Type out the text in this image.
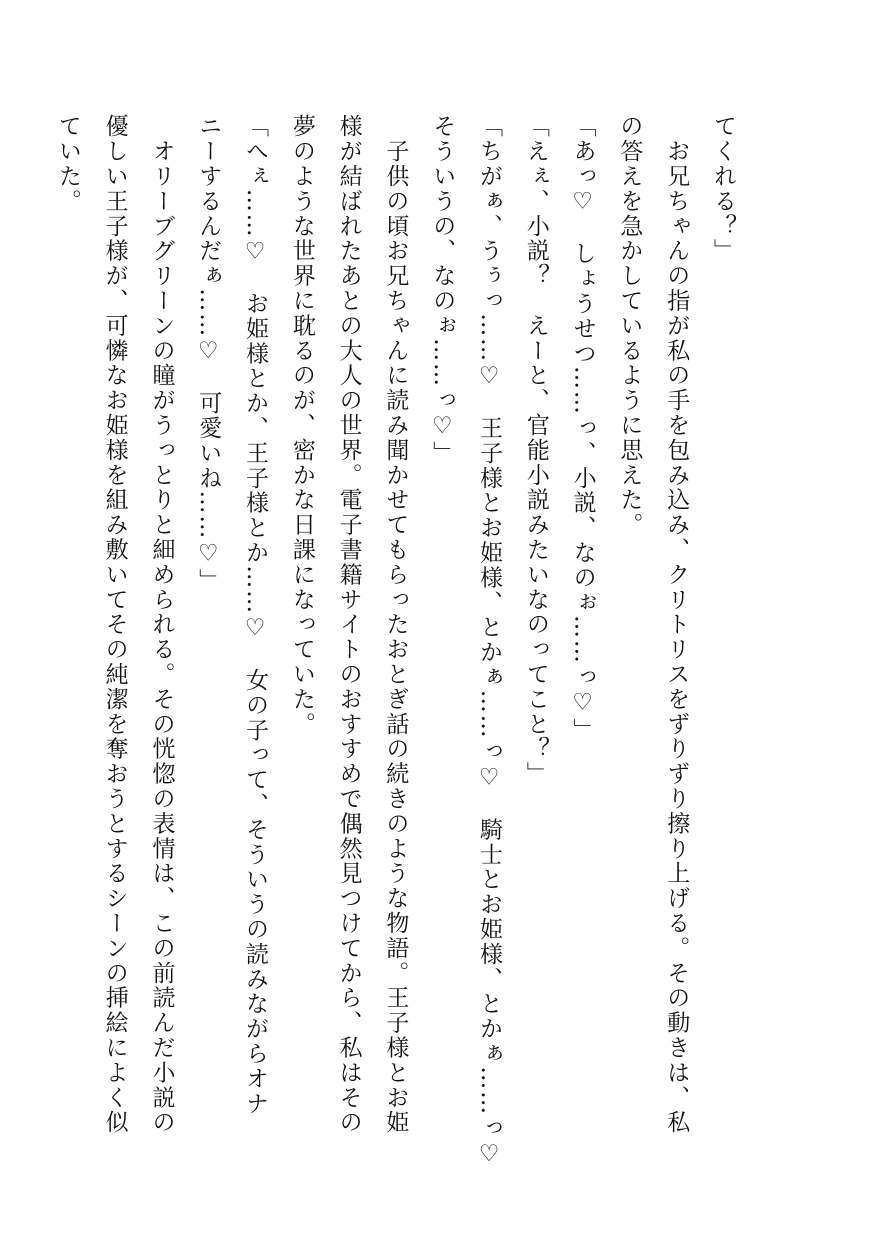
てくれる？」
　お兄ちゃんの指が私の手を包み込み、クリトリスをずりずり擦り上げる。その動きは、私
の答えを急かしているように思えた。
「あっ♡　しょうせつ……っ、小説、なのぉ……っ♡」
「えぇ、小説？　えーと、官能小説みたいなのってこと？」
「ちがぁ、うぅっ……♡　王子様とお姫様、とかぁ……っ♡　騎士とお姫様、とかぁ……っ♡
そういうの、なのぉ……っ♡」
　子供の頃お兄ちゃんに読み聞かせてもらったおとぎ話の続きのような物語。王子様とお姫
様が結ばれたあとの大人の世界。電子書籍サイトのおすすめで偶然見つけてから、私はその
夢のような世界に耽るのが、密かな日課になっていた。
「へぇ……♡　お姫様とか、王子様とか……♡　女の子って、そういうの読みながらオナ
ニーするんだぁ……♡　可愛いね……♡」
　オリーブグリーンの瞳がうっとりと細められる。その恍惚の表情は、この前読んだ小説の
優しい王子様が、可憐なお姫様を組み敷いてその純潔を奪おうとするシーンの挿絵によく似
ていた。
